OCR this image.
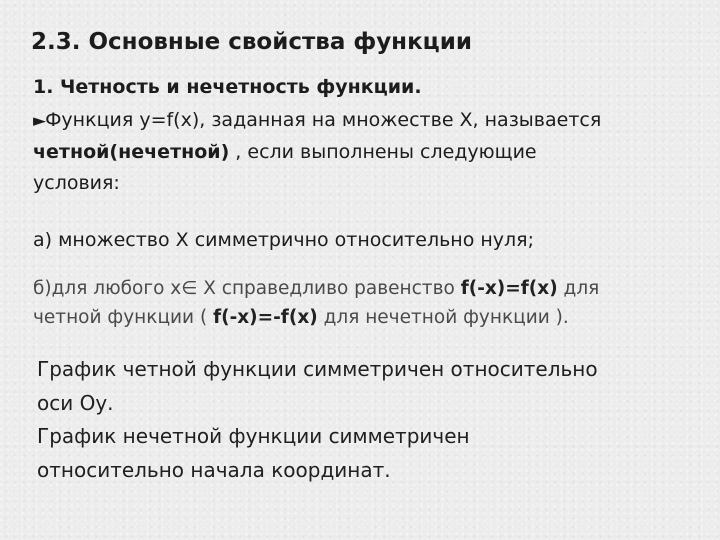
2.3. Основные свойства функции
1. Четность и нечетность функции.
►Функция y=f(x), заданная на множестве X, называется
четной(нечетной) , если выполнены следующие
условия:
а) множество X симметрично относительно нуля;
б)для любого x∈ X справедливо равенство f(-x)=f(x) для
четной функции ( f(-x)=-f(x) для нечетной функции ).
График четной функции симметричен относительно
оси Оу.
График нечетной функции симметричен
относительно начала координат.
